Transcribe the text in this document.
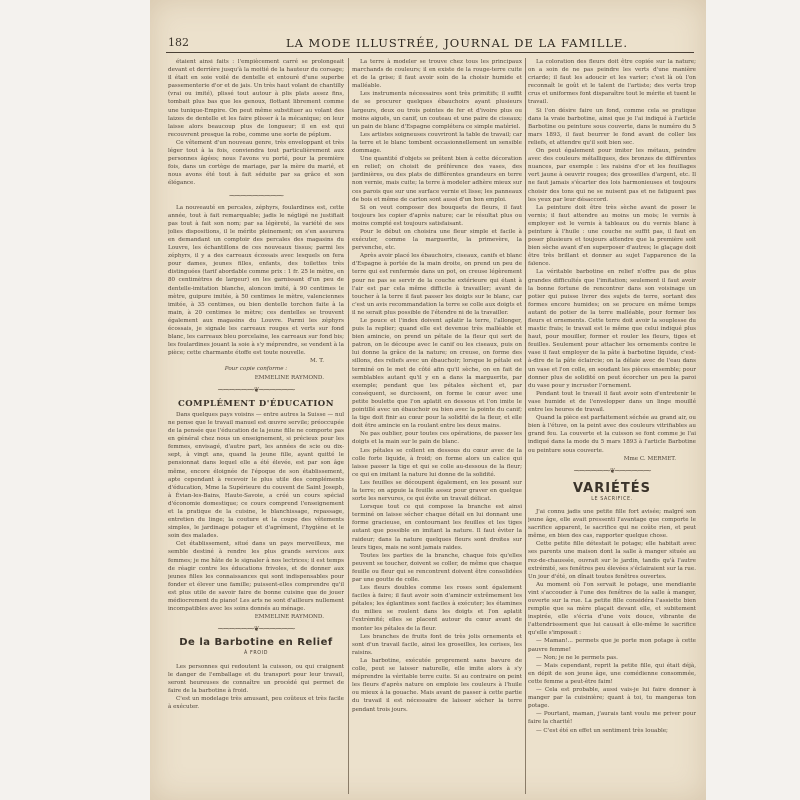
182	LA MODE ILLUSTRÉE, JOURNAL DE LA FAMILLE.

étaient ainsi faits : l'empiècement carré se prolongeait devant et derrière jusqu'à la moitié de la hauteur du corsage; il était en soie voilé de dentelle et entouré d'une superbe passementerie d'or et de jais. Un très haut volant de chantilly (vrai ou imité), plissé tout autour à plis plats assez fins, tombait plus bas que les genoux, flottant librement comme une tunique-Empire. On peut même substituer au volant des laizes de dentelle et les faire plisser à la mécanique; on leur laisse alors beaucoup plus de longueur; il en est qui recouvrent presque la robe, comme une sorte de péplum.

Ce vêtement d'un nouveau genre, très enveloppant et très léger tout à la fois, conviendra tout particulièrement aux personnes âgées; nous l'avons vu porté, pour la première fois, dans un cortège de mariage, par la mère du marié, et nous avons été tout à fait séduite par sa grâce et son élégance.

⁓⁓⁓⁓⁓⁓⁓⁓⁓

La nouveauté en percales, zéphyrs, foulardines est, cette année, tout à fait remarquable; jadis le négligé ne justifiait pas tout à fait son nom; par sa légèreté, la variété de ses jolies dispositions, il le mérite pleinement; on s'en assurera en demandant un comptoir des percales des magasins du Louvre, les échantillons de ces nouveaux tissus; parmi les zéphyrs, il y a des carreaux écossais avec lesquels on fera pour dames, jeunes filles, enfants, des toilettes très distinguées (tarif abordable comme prix : 1 fr. 25 le mètre, en 80 centimètres de largeur) en les garnissant d'un peu de dentelle-imitation blanche, aloncon imité, à 90 centimes le mètre, guipure imitée, à 50 centimes le mètre, valenciennes imitée, à 35 centimes, ou bien dentelle torchon faite à la main, à 20 centimes le mètre; ces dentelles se trouvent également aux magasins du Louvre. Parmi les zéphyrs écossais, je signale les carreaux rouges et verts sur fond blanc, les carreaux bleu porcelaine, les carreaux sur fond bis; les foulardines jouant la soie à s'y méprendre, se vendent à la pièce; cette charmante étoffe est toute nouvelle.

M. T.

Pour copie conforme :

EMMELINE RAYMOND.

⁓⁓⁓⁓⁓⁓❦⁓⁓⁓⁓⁓⁓
COMPLÉMENT D'ÉDUCATION

Dans quelques pays voisins — entre autres la Suisse — nul ne pense que le travail manuel est œuvre servile; préoccupée de la pensée que l'éducation de la jeune fille ne comporte pas en général chez nous un enseignement, si précieux pour les femmes, envisagé, d'autre part, les années de scie ou dix-sept, à vingt ans, quand la jeune fille, ayant quitté le pensionnat dans lequel elle a été élevée, est par son âge même, encore éloignée de l'époque de son établissement, apte cependant à recevoir le plus utile des compléments d'éducation, Mme la Supérieure du couvent de Saint Joseph, à Évian-les-Bains, Haute-Savoie, a créé un cours spécial d'économie domestique; ce cours comprend l'enseignement et la pratique de la cuisine, le blanchissage, repassage, entretien du linge; la couture et la coupe des vêtements simples, le jardinage potager et d'agrément, l'hygiène et le soin des malades.

Cet établissement, situé dans un pays merveilleux, me semble destiné à rendre les plus grands services aux femmes; je me hâte de le signaler à nos lectrices; il est temps de réagir contre les éducations frivoles, et de donner aux jeunes filles les connaissances qui sont indispensables pour fonder et élever une famille; puissent-elles comprendre qu'il est plus utile de savoir faire de bonne cuisine que de jouer médiocrement du piano! Les arts ne sont d'ailleurs nullement incompatibles avec les soins donnés au ménage.

EMMELINE RAYMOND.

⁓⁓⁓⁓⁓⁓❦⁓⁓⁓⁓⁓⁓
De la Barbotine en Relief

À FROID

Les personnes qui redoutent la cuisson, ou qui craignent le danger de l'emballage et du transport pour leur travail, seront heureuses de connaître un procédé qui permet de faire de la barbotine à froid.

C'est un modelage très amusant, peu coûteux et très facile à exécuter.

La terre à modeler se trouve chez tous les principaux marchands de couleurs; il en existe de la rouge-terre cuite et de la grise; il faut avoir soin de la choisir humide et malléable.

Les instruments nécessaires sont très primitifs; il suffit de se procurer quelques ébauchoirs ayant plusieurs largeurs, deux ou trois pointes de fer et d'ivoire plus ou moins aiguës, un canif, un couteau et une paire de ciseaux; un pain de blanc d'Espagne complétera ce simple matériel.

Les artistes soigneuses couvriront la table de travail; car la terre et le blanc tombent occasionnellement un sensible dommage.

Une quantité d'objets se prêtent bien à cette décoration en relief; on choisit de préférence des vases, des jardinières, ou des plats de différentes grandeurs en terre non vernie, mais cuite; la terre à modeler adhère mieux sur ces parois que sur une surface vernie et lisse; les panneaux de bois et même de carton sont aussi d'un bon emploi.

Si on veut composer des bouquets de fleurs, il faut toujours les copier d'après nature; car le résultat plus ou moins compté est toujours satisfaisant.

Pour le début on choisira une fleur simple et facile à exécuter, comme la marguerite, la primevère, la pervenche, etc.

Après avoir placé les ébauchoirs, ciseaux, canifs et blanc d'Espagne à portée de la main droite, on prend un peu de terre qui est renfermée dans un pot, on creuse légèrement pour ne pas se servir de la couche extérieure qui étant à l'air est par cela même difficile à travailler; avant de toucher à la terre il faut passer les doigts sur le blanc, car c'est un avis recommandation la terre se colle aux doigts et il ne serait plus possible de l'étendre ni de la travailler.

Le pouce et l'index doivent aplatir la terre, l'allonger, puis la replier; quand elle est devenue très malléable et bien amincie, on prend un pétale de la fleur qui sert de patron, on le découpe avec le canif ou les ciseaux, puis on lui donne la grâce de la nature; on creuse, on forme des sillons, des reliefs avec un ébauchoir; lorsque le pétale est terminé on le met de côté afin qu'il sèche, on en fait de semblables autant qu'il y en a dans la marguerite, par exemple; pendant que les pétales sèchent et, par conséquent, se durcissent, on forme le cœur avec une petite boulette que l'on aplatit en dessous et l'on imite le pointillé avec un ébauchoir ou bien avec la pointe du canif; la tige doit finir au cœur pour la solidité de la fleur, et elle doit être amincie en la roulant entre les deux mains.

Ne pas oublier, pour toutes ces opérations, de passer les doigts et la main sur le pain de blanc.

Les pétales se collent en dessous du cœur avec de la colle forte liquide, à froid; on forme alors un calice qui laisse passer la tige et qui se colle au-dessous de la fleur; ce qui en imitant la nature lui donne de la solidité.

Les feuilles se découpent également, en les posant sur la terre; on appuie la feuille assez pour graver en quelque sorte les nervures, ce qui évite un travail délicat.

Lorsque tout ce qui compose la branche est ainsi terminé on laisse sécher chaque détail en lui donnant une forme gracieuse, en contournant les feuilles et les tiges autant que possible en imitant la nature. Il faut éviter la raideur; dans la nature quelques fleurs sont droites sur leurs tiges, mais ne sont jamais raides.

Toutes les parties de la branche, chaque fois qu'elles peuvent se toucher, doivent se coller, de même que chaque feuille ou fleur qui se rencontrent doivent être consolidées par une goutte de colle.

Les fleurs doubles comme les roses sont également faciles à faire; il faut avoir soin d'amincir extrêmement les pétales; les églantines sont faciles à exécuter; les étamines du milieu se roulent dans les doigts et l'on aplatit l'extrémité; elles se placent autour du cœur avant de monter les pétales de la fleur.

Les branches de fruits font de très jolis ornements et sont d'un travail facile, ainsi les groseilles, les cerises, les raisins.

La barbotine, exécutée proprement sans bavure de colle, peut se laisser naturelle, elle imite alors à s'y méprendre la véritable terre cuite. Si au contraire on peint les fleurs d'après nature on emploie les couleurs à l'huile ou mieux à la gouache. Mais avant de passer à cette partie du travail il est nécessaire de laisser sécher la terre pendant trois jours.

La coloration des fleurs doit être copiée sur la nature; on a soin de ne pas peindre les verts d'une manière criarde; il faut les adoucir et les varier; c'est là où l'on reconnaît le goût et le talent de l'artiste; des verts trop crus et uniformes font disparaître tout le mérite et tuent le travail.

Si l'on désire faire un fond, comme cela se pratique dans la vraie barbotine, ainsi que je l'ai indiqué à l'article Barbotine ou peinture sous couverte, dans le numéro du 5 mars 1893, il faut beurrer le fond avant de coller les reliefs, et attendre qu'il soit bien sec.

On peut également pour imiter les métaux, peindre avec des couleurs métalliques, des bronzes de différentes nuances, par exemple : les raisins d'or et les feuillages vert jaune à oeuvrir rouges; des groseilles d'argent, etc. Il ne faut jamais s'écarter des lois harmonieuses et toujours choisir des tons qui ne se nuisent pas et ne fatiguent pas les yeux par leur désaccord.

La peinture doit être très sèche avant de poser le vernis; il faut attendre au moins un mois; le vernis à employer est le vernis à tableaux ou du vernis blanc à peinture à l'huile : une couche ne suffit pas, il faut en poser plusieurs et toujours attendre que la première soit bien sèche avant d'en superposer d'autres; le glaçage doit être très brillant et donner au sujet l'apparence de la faïence.

La véritable barbotine en relief n'offre pas de plus grandes difficultés que l'imitation; seulement il faut avoir la bonne fortune de rencontrer dans son voisinage un potier qui puisse livrer des sujets de terre, sortant des formes encore humides; on se procure en même temps autant de potier de la terre malléable, pour former les fleurs et ornements. Cette terre doit avoir la souplesse du mastic frais; le travail est le même que celui indiqué plus haut, pour mouiller, former et rouler les fleurs, tiges et feuilles. Seulement pour attacher les ornements contre le vase il faut employer de la pâte à barbotine liquide, c'est-à-dire de la pâte éclaircie; on la délaie avec de l'eau dans un vase et l'on colle, en soudant les pièces ensemble; pour donner plus de solidité on peut écorcher un peu la paroi du vase pour y incruster l'ornement.

Pendant tout le travail il faut avoir soin d'entretenir le vase humide et de l'envelopper dans un linge mouillé entre les heures de travail.

Quand la pièce est parfaitement séchée au grand air, ou bien à l'étuve, on la peint avec des couleurs vitrifiables au grand feu. La couverte et la cuisson se font comme je l'ai indiqué dans la mode du 5 mars 1893 à l'article Barbotine ou peinture sous couverte.

Mme C. MERMET.

⁓⁓⁓⁓⁓⁓❦⁓⁓⁓⁓⁓⁓
VARIÉTÉS

LE SACRIFICE.

J'ai connu jadis une petite fille fort avisée; malgré son jeune âge, elle avait pressenti l'avantage que comporte le sacrifice apparent, le sacrifice qui ne coûte rien, et peut même, en bien des cas, rapporter quelque chose.

Cette petite fille détestait le potage; elle habitait avec ses parents une maison dont la salle à manger située au rez-de-chaussée, ouvrait sur le jardin, tandis qu'à l'autre extrémité, ses fenêtres peu élevées s'éclairaient sur la rue. Un jour d'été, on dînait toutes fenêtres ouvertes.

Au moment où l'on servait le potage, une mendiante vint s'accouder à l'une des fenêtres de la salle à manger, ouverte sur la rue. La petite fille considéra l'assiette bien remplie que sa mère plaçait devant elle, et subitement inspirée, elle s'écria d'une voix douce, vibrante de l'attendrissement que lui causait à elle-même le sacrifice qu'elle s'imposait :

— Maman!... permets que je porte mon potage à cette pauvre femme!

— Non; je ne le permets pas.

— Mais cependant, reprit la petite fille, qui était déjà, en dépit de son jeune âge, une comédienne consommée, cette femme a peut-être faim!

— Cela est probable, aussi vais-je lui faire donner à manger par la cuisinière; quant à toi, tu mangeras ton potage.

— Pourtant, maman, j'aurais tant voulu me priver pour faire la charité!

— C'est été en effet un sentiment très louable;
